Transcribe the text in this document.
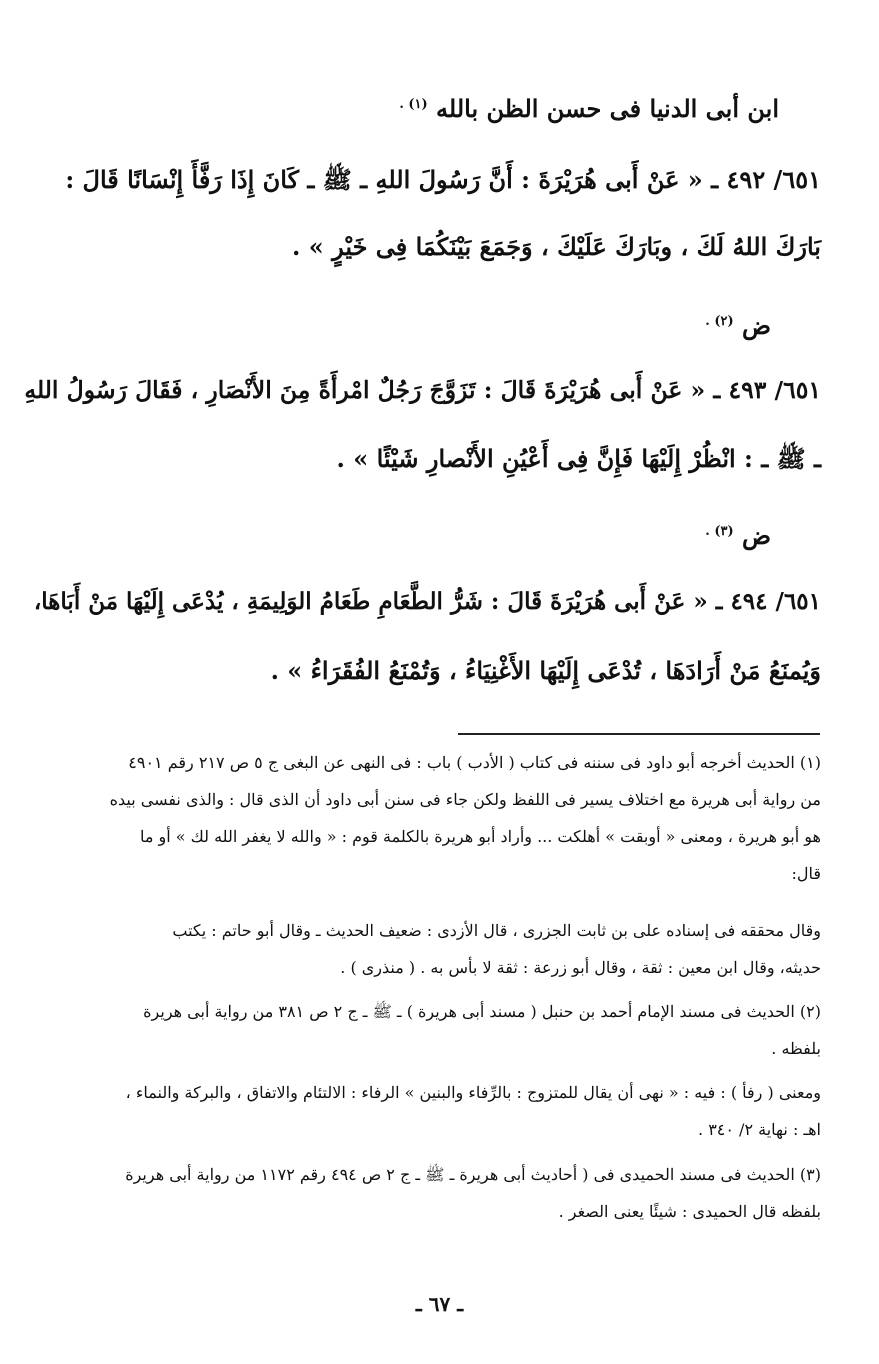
ابن أبى الدنيا فى حسن الظن بالله $^{(١) .}$
٦٥١/ ٤٩٢ ـ « عَنْ أَبى هُرَيْرَةَ : أَنَّ رَسُولَ اللهِ ـ ﷺ ـ كَانَ إِذَا رَفَّأَ إِنْسَانًا قَالَ :
بَارَكَ اللهُ لَكَ ، وبَارَكَ عَلَيْكَ ، وَجَمَعَ بَيْنَكُمَا فِى خَيْرٍ » .
ض $^{(٢) .}$
٦٥١/ ٤٩٣ ـ « عَنْ أَبى هُرَيْرَةَ قَالَ : تَزَوَّجَ رَجُلٌ امْرأَةً مِنَ الأَنْصَارِ ، فَقَالَ رَسُولُ اللهِ
ـ ﷺ ـ : انْظُرْ إِلَيْهَا فَإِنَّ فِى أَعْيُنِ الأَنْصارِ شَيْئًا » .
ض $^{(٣) .}$
٦٥١/ ٤٩٤ ـ « عَنْ أَبى هُرَيْرَةَ قَالَ : شَرُّ الطَّعَامِ طَعَامُ الوَلِيمَةِ ، يُدْعَى إِلَيْهَا مَنْ أَبَاهَا،
وَيُمنَعُ مَنْ أَرَادَهَا ، تُدْعَى إِلَيْهَا الأَغْنِيَاءُ ، وَتُمْنَعُ الفُقَرَاءُ » .
(١) الحديث أخرجه أبو داود فى سننه فى كتاب ( الأدب ) باب : فى النهى عن البغى ج ٥ ص ٢١٧ رقم ٤٩٠١
من رواية أبى هريرة مع اختلاف يسير فى اللفظ ولكن جاء فى سنن أبى داود أن الذى قال : والذى نفسى بيده
هو أبو هريرة ، ومعنى « أوبقت » أهلكت ... وأراد أبو هريرة بالكلمة قوم : « والله لا يغفر الله لك » أو ما
قال:
وقال محققه فى إسناده على بن ثابت الجزرى ، قال الأزدى : ضعيف الحديث ـ وقال أبو حاتم : يكتب
حديثه، وقال ابن معين : ثقة ، وقال أبو زرعة : ثقة لا بأس به . ( منذرى ) .
(٢) الحديث فى مسند الإمام أحمد بن حنبل ( مسند أبى هريرة ) ـ ﷺ ـ ج ٢ ص ٣٨١ من رواية أبى هريرة
بلفظه .
ومعنى ( رفأ ) : فيه : « نهى أن يقال للمتزوج : بالرِّفاء والبنين » الرفاء : الالتئام والاتفاق ، والبركة والنماء ،
اهـ : نهاية ٢/ ٣٤٠ .
(٣) الحديث فى مسند الحميدى فى ( أحاديث أبى هريرة ـ ﷺ ـ ج ٢ ص ٤٩٤ رقم ١١٧٢ من رواية أبى هريرة
بلفظه قال الحميدى : شيئًا يعنى الصغر .
ـ ٦٧ ـ
